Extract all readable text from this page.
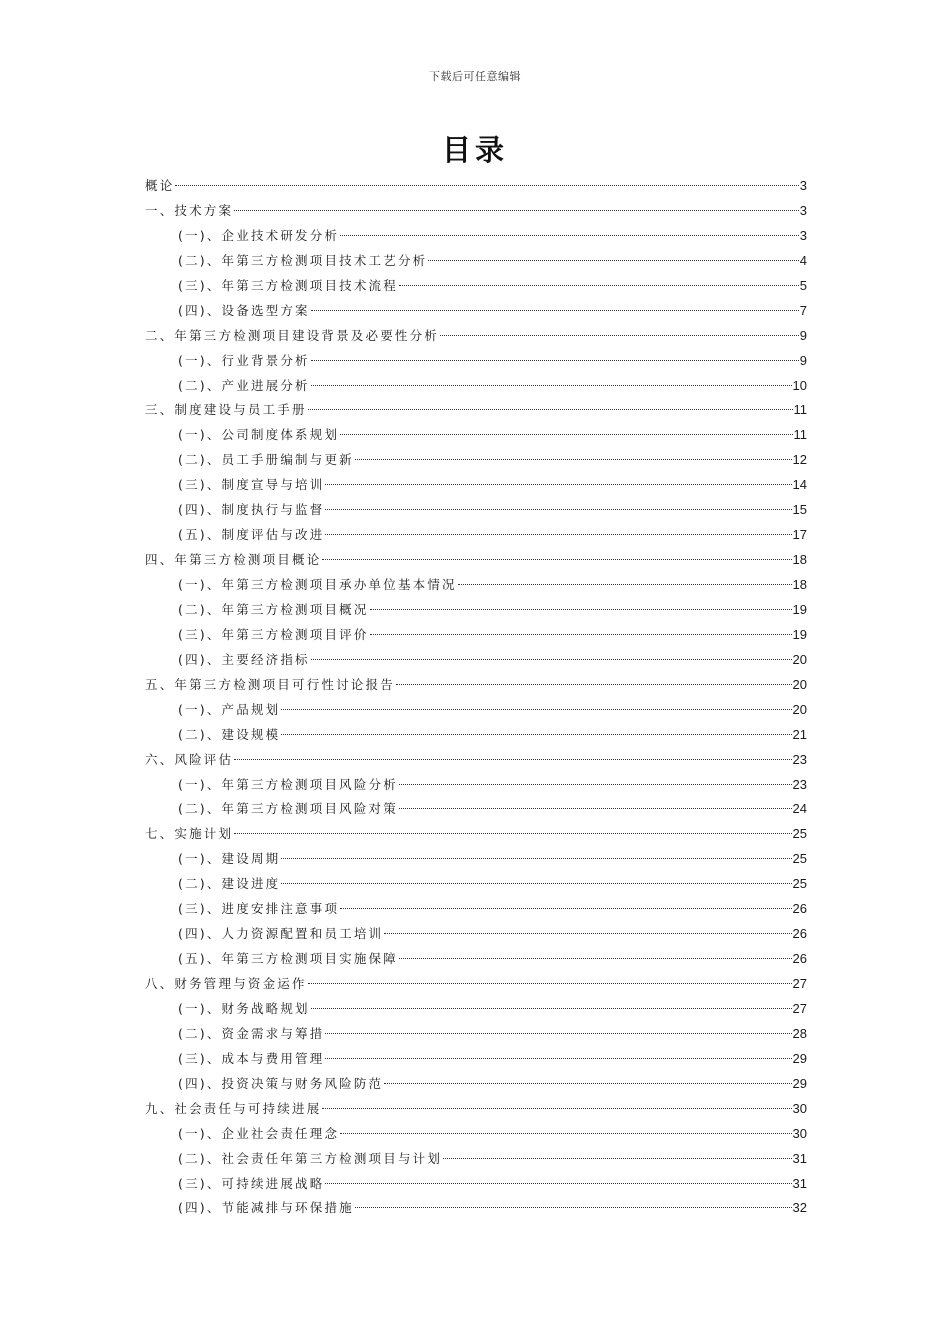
下载后可任意编辑
目录
概论	3
一、技术方案	3
(一)、企业技术研发分析	3
(二)、年第三方检测项目技术工艺分析	4
(三)、年第三方检测项目技术流程	5
(四)、设备选型方案	7
二、年第三方检测项目建设背景及必要性分析	9
(一)、行业背景分析	9
(二)、产业进展分析	10
三、制度建设与员工手册	11
(一)、公司制度体系规划	11
(二)、员工手册编制与更新	12
(三)、制度宣导与培训	14
(四)、制度执行与监督	15
(五)、制度评估与改进	17
四、年第三方检测项目概论	18
(一)、年第三方检测项目承办单位基本情况	18
(二)、年第三方检测项目概况	19
(三)、年第三方检测项目评价	19
(四)、主要经济指标	20
五、年第三方检测项目可行性讨论报告	20
(一)、产品规划	20
(二)、建设规模	21
六、风险评估	23
(一)、年第三方检测项目风险分析	23
(二)、年第三方检测项目风险对策	24
七、实施计划	25
(一)、建设周期	25
(二)、建设进度	25
(三)、进度安排注意事项	26
(四)、人力资源配置和员工培训	26
(五)、年第三方检测项目实施保障	26
八、财务管理与资金运作	27
(一)、财务战略规划	27
(二)、资金需求与筹措	28
(三)、成本与费用管理	29
(四)、投资决策与财务风险防范	29
九、社会责任与可持续进展	30
(一)、企业社会责任理念	30
(二)、社会责任年第三方检测项目与计划	31
(三)、可持续进展战略	31
(四)、节能减排与环保措施	32
